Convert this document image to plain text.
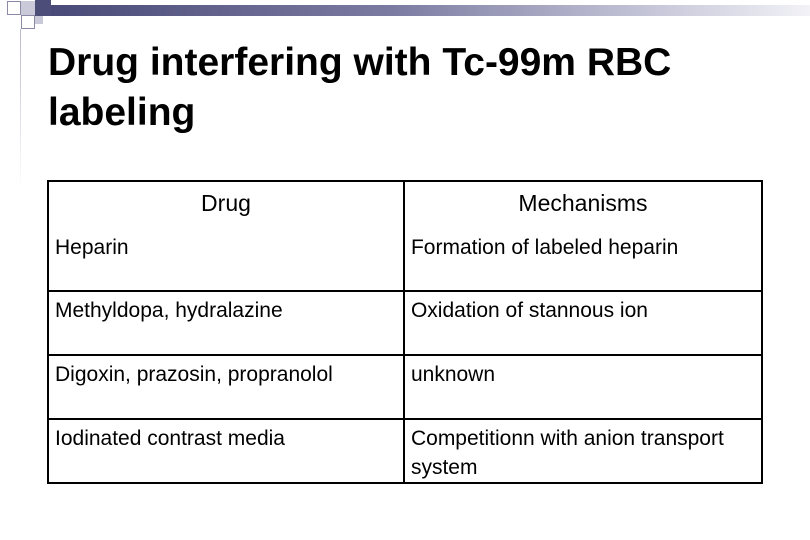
Drug interfering with Tc-99m RBC labeling
Drug	Mechanisms
Heparin	Formation of labeled heparin
Methyldopa, hydralazine	Oxidation of stannous ion
Digoxin, prazosin, propranolol	unknown
Iodinated contrast media	Competitionn with anion transport system
